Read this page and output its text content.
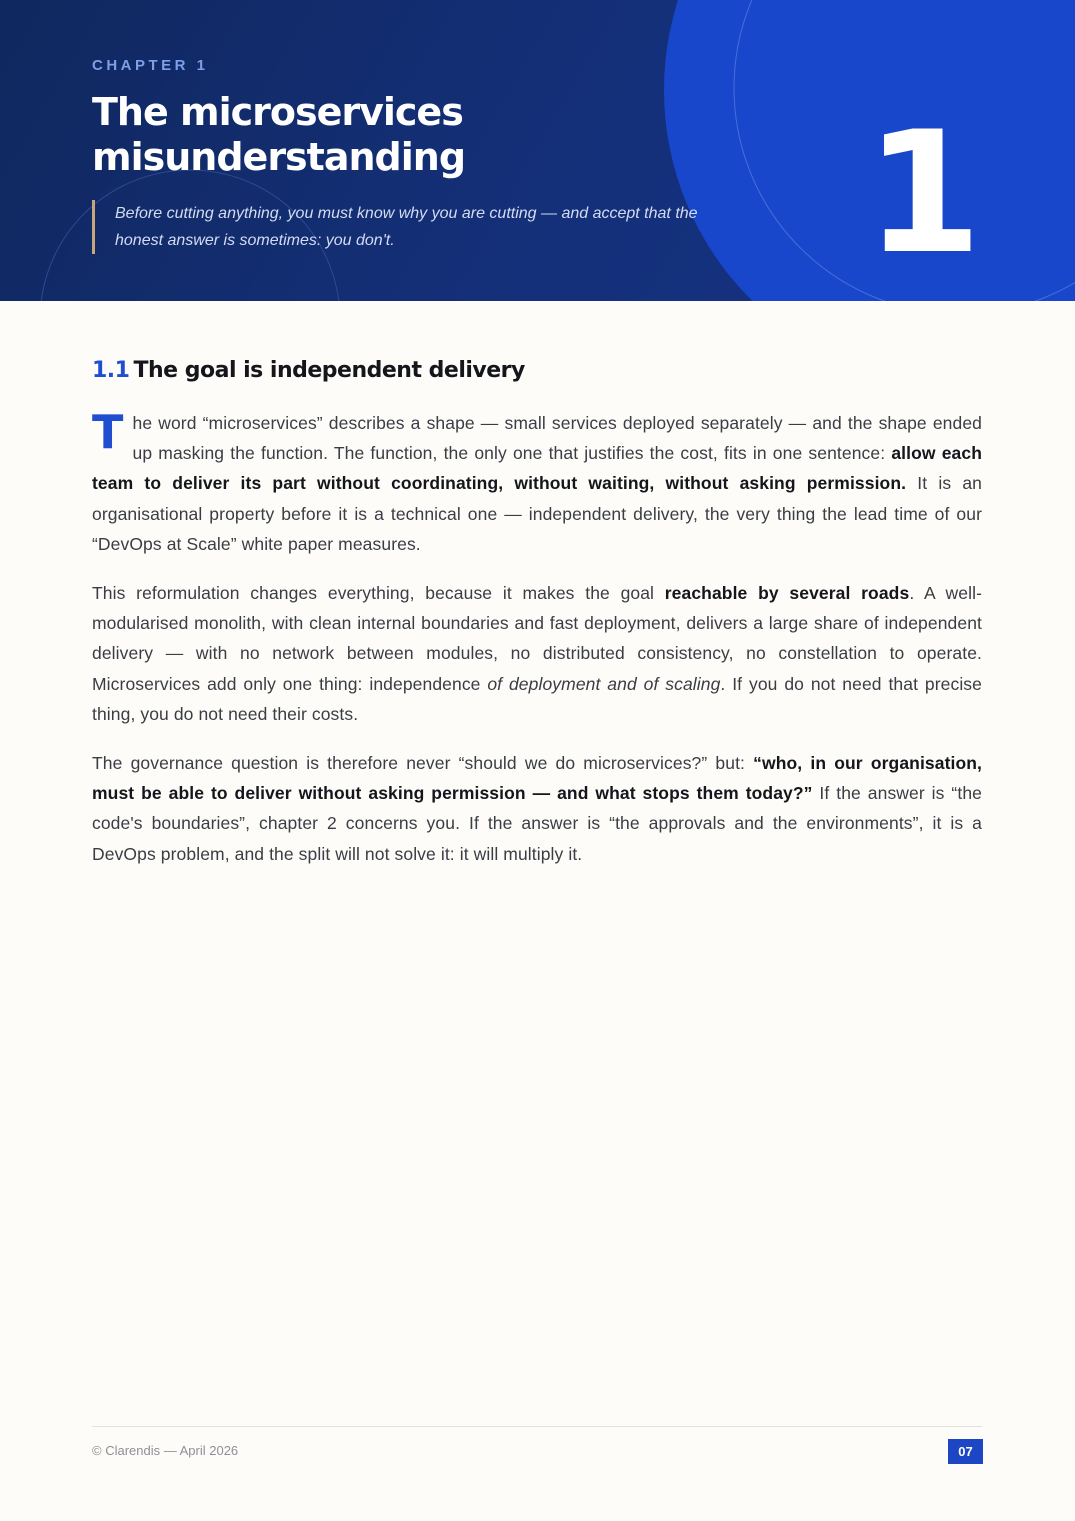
CHAPTER 1
The microservices
misunderstanding
Before cutting anything, you must know why you are cutting — and accept that the
honest answer is sometimes: you don't.	1
1.1 The goal is independent delivery

The word “microservices” describes a shape — small services deployed separately — and the shape ended up masking the function. The function, the only one that justifies the cost, fits in one sentence: allow each team to deliver its part without coordinating, without waiting, without asking permission. It is an organisational property before it is a technical one — independent delivery, the very thing the lead time of our “DevOps at Scale” white paper measures.

This reformulation changes everything, because it makes the goal reachable by several roads. A well-modularised monolith, with clean internal boundaries and fast deployment, delivers a large share of independent delivery — with no network between modules, no distributed consistency, no constellation to operate. Microservices add only one thing: independence of deployment and of scaling. If you do not need that precise thing, you do not need their costs.

The governance question is therefore never “should we do microservices?” but: “who, in our organisation, must be able to deliver without asking permission — and what stops them today?” If the answer is “the code's boundaries”, chapter 2 concerns you. If the answer is “the approvals and the environments”, it is a DevOps problem, and the split will not solve it: it will multiply it.

© Clarendis — April 2026	07
